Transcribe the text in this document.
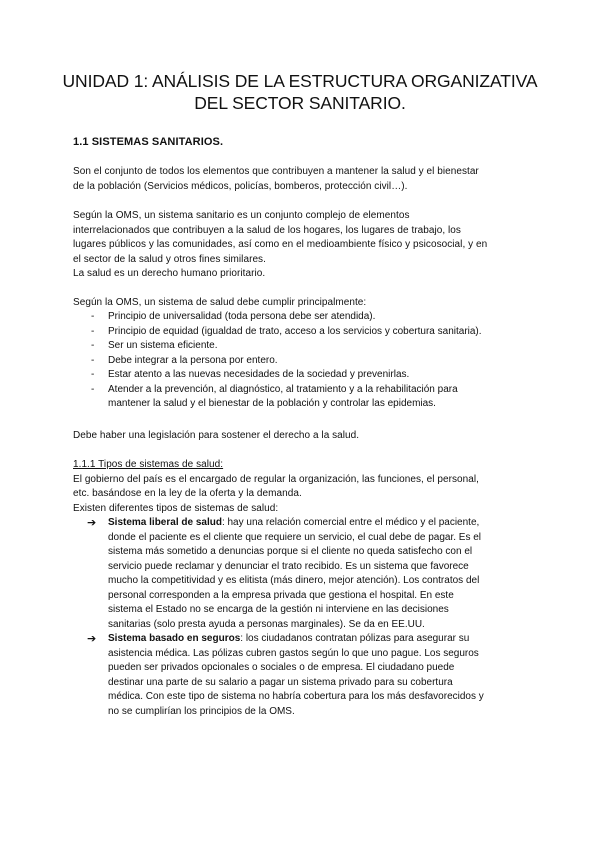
UNIDAD 1: ANÁLISIS DE LA ESTRUCTURA ORGANIZATIVA
DEL SECTOR SANITARIO.
1.1 SISTEMAS SANITARIOS.
Son el conjunto de todos los elementos que contribuyen a mantener la salud y el bienestar
de la población (Servicios médicos, policías, bomberos, protección civil…).
Según la OMS, un sistema sanitario es un conjunto complejo de elementos
interrelacionados que contribuyen a la salud de los hogares, los lugares de trabajo, los
lugares públicos y las comunidades, así como en el medioambiente físico y psicosocial, y en
el sector de la salud y otros fines similares.
La salud es un derecho humano prioritario.
Según la OMS, un sistema de salud debe cumplir principalmente:
- Principio de universalidad (toda persona debe ser atendida).
- Principio de equidad (igualdad de trato, acceso a los servicios y cobertura sanitaria).
- Ser un sistema eficiente.
- Debe integrar a la persona por entero.
- Estar atento a las nuevas necesidades de la sociedad y prevenirlas.
- Atender a la prevención, al diagnóstico, al tratamiento y a la rehabilitación para
mantener la salud y el bienestar de la población y controlar las epidemias.
Debe haber una legislación para sostener el derecho a la salud.
1.1.1 Tipos de sistemas de salud:
El gobierno del país es el encargado de regular la organización, las funciones, el personal,
etc. basándose en la ley de la oferta y la demanda.
Existen diferentes tipos de sistemas de salud:
➔ Sistema liberal de salud: hay una relación comercial entre el médico y el paciente,
donde el paciente es el cliente que requiere un servicio, el cual debe de pagar. Es el
sistema más sometido a denuncias porque si el cliente no queda satisfecho con el
servicio puede reclamar y denunciar el trato recibido. Es un sistema que favorece
mucho la competitividad y es elitista (más dinero, mejor atención). Los contratos del
personal corresponden a la empresa privada que gestiona el hospital. En este
sistema el Estado no se encarga de la gestión ni interviene en las decisiones
sanitarias (solo presta ayuda a personas marginales). Se da en EE.UU.
➔ Sistema basado en seguros: los ciudadanos contratan pólizas para asegurar su
asistencia médica. Las pólizas cubren gastos según lo que uno pague. Los seguros
pueden ser privados opcionales o sociales o de empresa. El ciudadano puede
destinar una parte de su salario a pagar un sistema privado para su cobertura
médica. Con este tipo de sistema no habría cobertura para los más desfavorecidos y
no se cumplirían los principios de la OMS.
